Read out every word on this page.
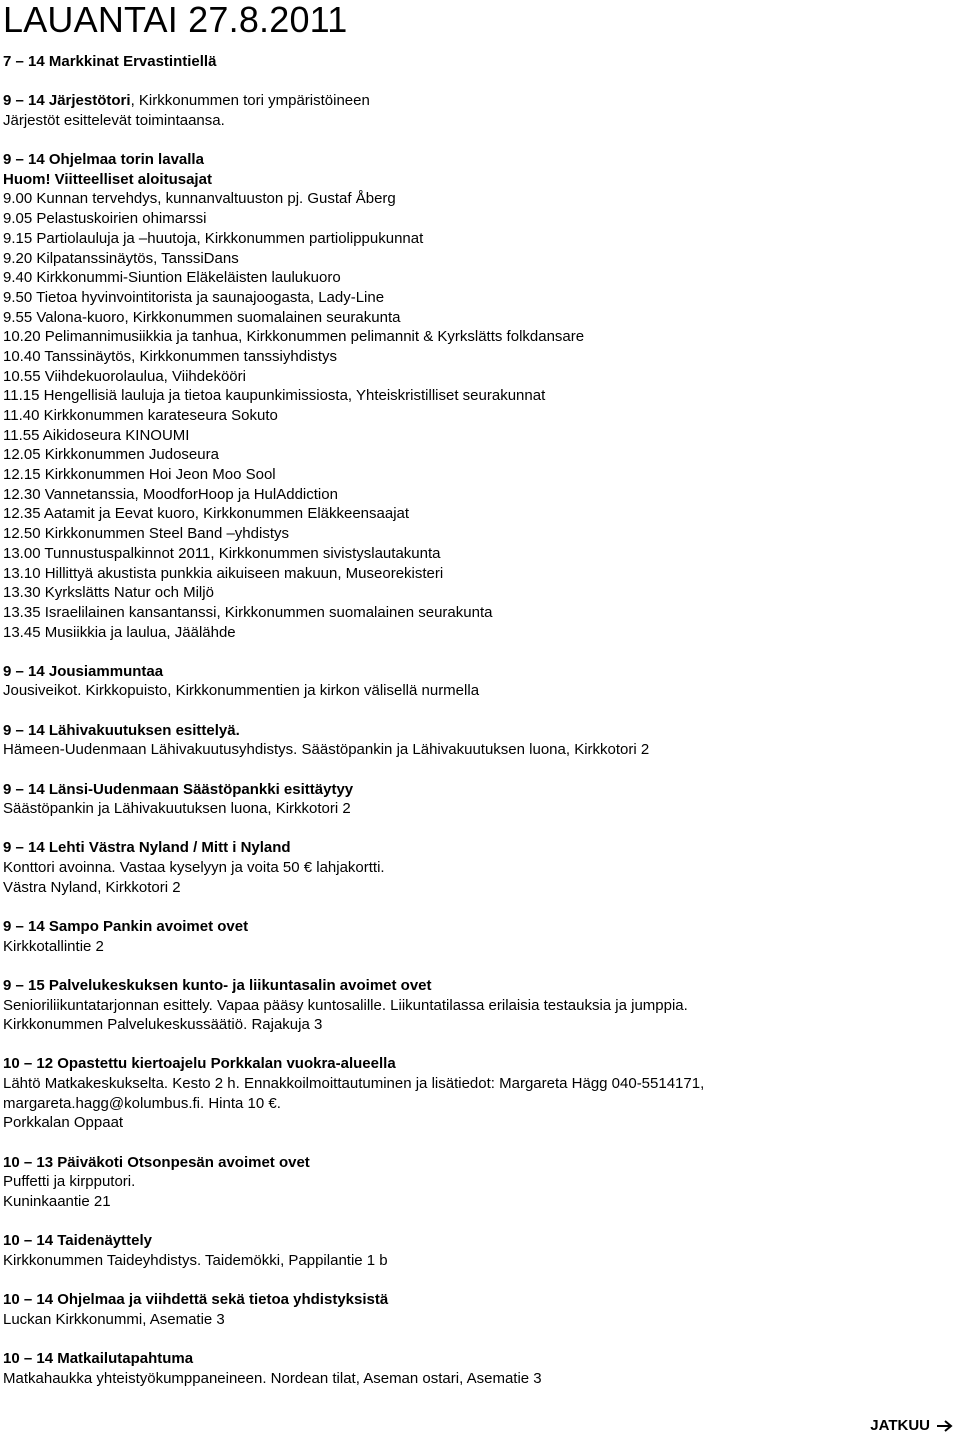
LAUANTAI 27.8.2011
7 – 14 Markkinat Ervastintiellä
9 – 14 Järjestötori, Kirkkonummen tori ympäristöineen
Järjestöt esittelevät toimintaansa.
9 – 14 Ohjelmaa torin lavalla
Huom! Viitteelliset aloitusajat
9.00 Kunnan tervehdys, kunnanvaltuuston pj. Gustaf Åberg
9.05 Pelastuskoirien ohimarssi
9.15 Partiolauluja ja –huutoja, Kirkkonummen partiolippukunnat
9.20 Kilpatanssinäytös, TanssiDans
9.40 Kirkkonummi-Siuntion Eläkeläisten laulukuoro
9.50 Tietoa hyvinvointitorista ja saunajoogasta, Lady-Line
9.55 Valona-kuoro, Kirkkonummen suomalainen seurakunta
10.20 Pelimannimusiikkia ja tanhua, Kirkkonummen pelimannit & Kyrkslätts folkdansare
10.40 Tanssinäytös, Kirkkonummen tanssiyhdistys
10.55 Viihdekuorolaulua, Viihdekööri
11.15 Hengellisiä lauluja ja tietoa kaupunkimissiosta, Yhteiskristilliset seurakunnat
11.40 Kirkkonummen karateseura Sokuto
11.55 Aikidoseura KINOUMI
12.05 Kirkkonummen Judoseura
12.15 Kirkkonummen Hoi Jeon Moo Sool
12.30 Vannetanssia, MoodforHoop ja HulAddiction
12.35 Aatamit ja Eevat kuoro, Kirkkonummen Eläkkeensaajat
12.50 Kirkkonummen Steel Band –yhdistys
13.00 Tunnustuspalkinnot 2011, Kirkkonummen sivistyslautakunta
13.10 Hillittyä akustista punkkia aikuiseen makuun, Museorekisteri
13.30 Kyrkslätts Natur och Miljö
13.35 Israelilainen kansantanssi, Kirkkonummen suomalainen seurakunta
13.45 Musiikkia ja laulua, Jäälähde
9 – 14 Jousiammuntaa
Jousiveikot. Kirkkopuisto, Kirkkonummentien ja kirkon välisellä nurmella
9 – 14 Lähivakuutuksen esittelyä.
Hämeen-Uudenmaan Lähivakuutusyhdistys. Säästöpankin ja Lähivakuutuksen luona, Kirkkotori 2
9 – 14 Länsi-Uudenmaan Säästöpankki esittäytyy
Säästöpankin ja Lähivakuutuksen luona, Kirkkotori 2
9 – 14 Lehti Västra Nyland / Mitt i Nyland
Konttori avoinna. Vastaa kyselyyn ja voita 50 € lahjakortti.
Västra Nyland, Kirkkotori 2
9 – 14 Sampo Pankin avoimet ovet
Kirkkotallintie 2
9 – 15 Palvelukeskuksen kunto- ja liikuntasalin avoimet ovet
Senioriliikuntatarjonnan esittely. Vapaa pääsy kuntosalille. Liikuntatilassa erilaisia testauksia ja jumppia.
Kirkkonummen Palvelukeskussäätiö. Rajakuja 3
10 – 12 Opastettu kiertoajelu Porkkalan vuokra-alueella
Lähtö Matkakeskukselta. Kesto 2 h. Ennakkoilmoittautuminen ja lisätiedot: Margareta Hägg 040-5514171,
margareta.hagg@kolumbus.fi. Hinta 10 €.
Porkkalan Oppaat
10 – 13 Päiväkoti Otsonpesän avoimet ovet
Puffetti ja kirpputori.
Kuninkaantie 21
10 – 14 Taidenäyttely
Kirkkonummen Taideyhdistys. Taidemökki, Pappilantie 1 b
10 – 14 Ohjelmaa ja viihdettä sekä tietoa yhdistyksistä
Luckan Kirkkonummi, Asematie 3
10 – 14 Matkailutapahtuma
Matkahaukka yhteistyökumppaneineen. Nordean tilat, Aseman ostari, Asematie 3
JATKUU
